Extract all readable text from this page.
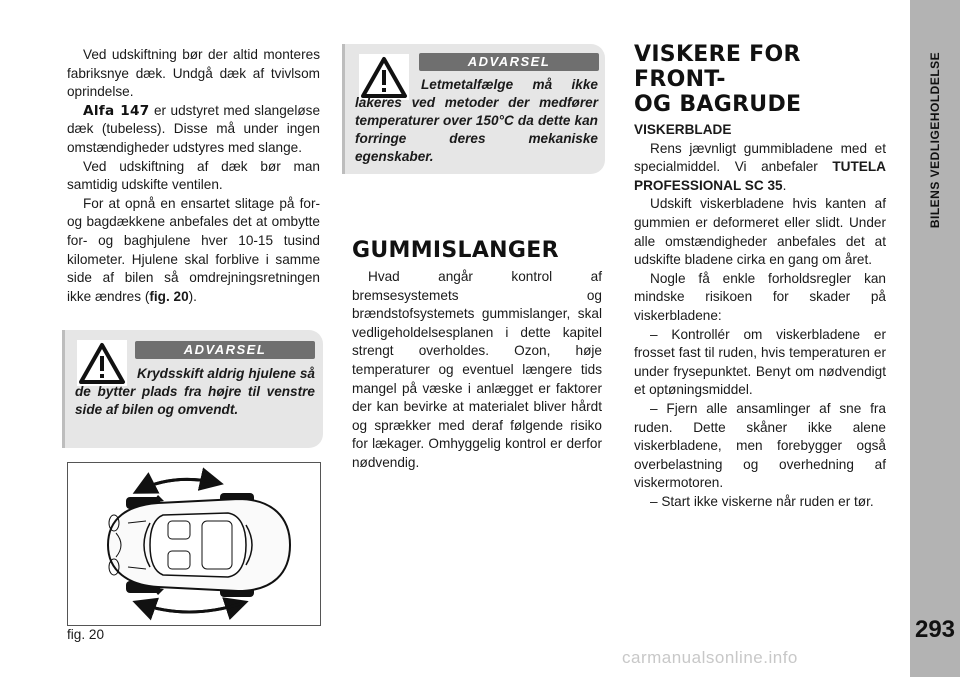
Ved udskiftning bør der altid monteres fabriksnye dæk. Undgå dæk af tvivlsom oprindelse.

Alfa 147 er udstyret med slangeløse dæk (tubeless). Disse må under ingen omstændigheder udstyres med slange.

Ved udskiftning af dæk bør man samtidig udskifte ventilen.

For at opnå en ensartet slitage på for- og bagdækkene anbefales det at ombytte for- og baghjulene hver 10-15 tusind kilometer. Hjulene skal forblive i samme side af bilen så omdrejningsretningen ikke ændres (fig. 20).

ADVARSEL
Krydsskift aldrig hjulene så de bytter plads fra højre til venstre side af bilen og omvendt.
fig. 20
ADVARSEL
Letmetalfælge må ikke lakeres ved metoder der medfører temperaturer over 150°C da dette kan forringe deres mekaniske egenskaber.
GUMMISLANGER

Hvad angår kontrol af bremsesystemets og brændstofsystemets gummislanger, skal vedligeholdelsesplanen i dette kapitel strengt overholdes. Ozon, høje temperaturer og eventuel længere tids mangel på væske i anlægget er faktorer der kan bevirke at materialet bliver hårdt og sprækker med deraf følgende risiko for lækager. Omhyggelig kontrol er derfor nødvendig.

VISKERE FOR FRONT-
OG BAGRUDE
VISKERBLADE

Rens jævnligt gummibladene med et specialmiddel. Vi anbefaler TUTELA PROFESSIONAL SC 35.

Udskift viskerbladene hvis kanten af gummien er deformeret eller slidt. Under alle omstændigheder anbefales det at udskifte bladene cirka en gang om året.

Nogle få enkle forholdsregler kan mindske risikoen for skader på viskerbladene:

– Kontrollér om viskerbladene er frosset fast til ruden, hvis temperaturen er under frysepunktet. Benyt om nødvendigt et optøningsmiddel.

– Fjern alle ansamlinger af sne fra ruden. Dette skåner ikke alene viskerbladene, men forebygger også overbelastning og overhedning af viskermotoren.

– Start ikke viskerne når ruden er tør.

BILENS VEDLIGEHOLDELSE
293
carmanualsonline.info
